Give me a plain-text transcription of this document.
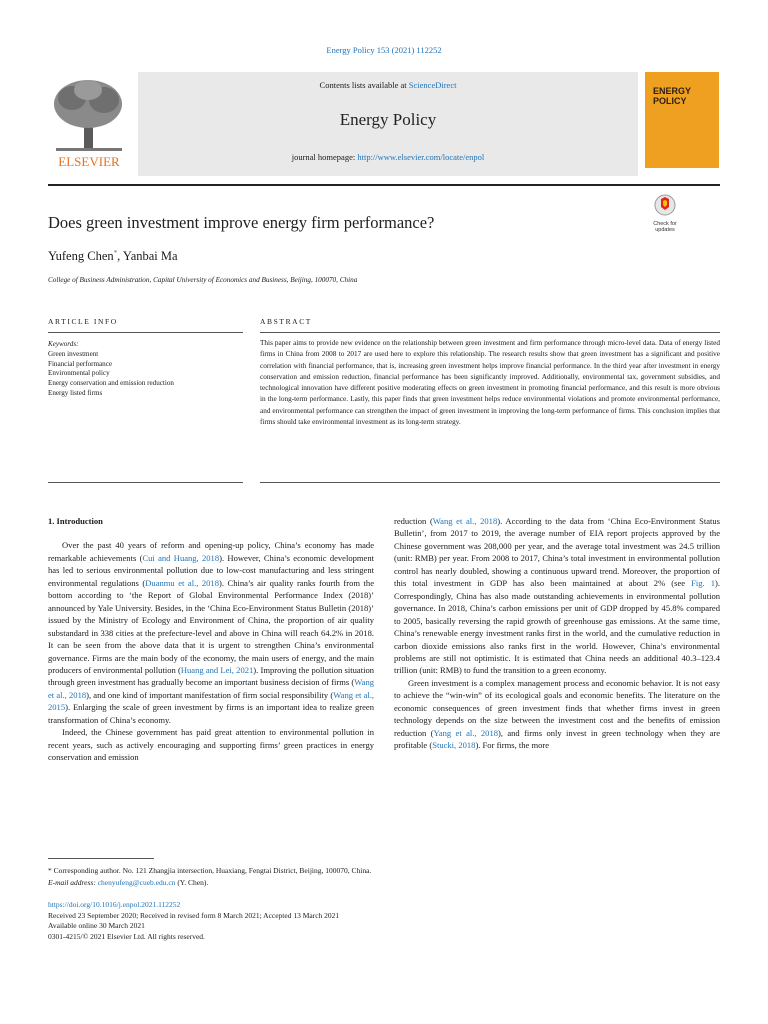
Energy Policy 153 (2021) 112252
ELSEVIER
Contents lists available at ScienceDirect
Energy Policy
journal homepage: http://www.elsevier.com/locate/enpol
ENERGY
POLICY
Does green investment improve energy firm performance?	Check for
updates
Yufeng Chen*, Yanbai Ma
College of Business Administration, Capital University of Economics and Business, Beijing, 100070, China
ARTICLE INFO	ABSTRACT
Keywords:
Green investment
Financial performance
Environmental policy
Energy conservation and emission reduction
Energy listed firms
This paper aims to provide new evidence on the relationship between green investment and firm performance through micro-level data. Data of energy listed firms in China from 2008 to 2017 are used here to explore this relationship. The research results show that green investment has a significant and positive correlation with financial performance, that is, increasing green investment helps improve financial performance. In the third year after investment in energy conservation and emission reduction, financial performance has been significantly improved. Additionally, environmental tax, government subsidies, and technological innovation have different positive moderating effects on green investment in promoting financial performance, and this result is more obvious in the long-term performance. Lastly, this paper finds that green investment helps reduce environmental violations and promote environmental performance, and environmental performance can strengthen the impact of green investment in improving the long-term performance of firms. This conclusion implies that firms should take environmental investment as its long-term strategy.
1. Introduction

Over the past 40 years of reform and opening-up policy, China’s economy has made remarkable achievements (Cui and Huang, 2018). However, China’s economic development has led to serious environmental pollution due to low-cost manufacturing and less stringent environmental regulations (Duanmu et al., 2018). China’s air quality ranks fourth from the bottom according to ‘the Report of Global Environmental Performance Index (2018)’ announced by Yale University. Besides, in the ‘China Eco-Environment Status Bulletin (2018)’ issued by the Ministry of Ecology and Environment of China, the proportion of air quality substandard in 338 cities at the prefecture-level and above in China will reach 64.2% in 2018. It can be seen from the above data that it is urgent to strengthen China’s environmental governance. Firms are the main body of the economy, the main users of energy, and the main producers of environmental pollution (Huang and Lei, 2021). Improving the pollution situation through green investment has gradually become an important business decision of firms (Wang et al., 2018), and one kind of important manifestation of firm social responsibility (Wang et al., 2015). Enlarging the scale of green investment by firms is an important idea to realize green transformation of China’s economy.

Indeed, the Chinese government has paid great attention to environmental pollution in recent years, such as actively encouraging and supporting firms’ green practices in energy conservation and emission

reduction (Wang et al., 2018). According to the data from ‘China Eco-Environment Status Bulletin’, from 2017 to 2019, the average number of EIA report projects approved by the Chinese government was 208,000 per year, and the average total investment was 24.5 trillion (unit: RMB) per year. From 2008 to 2017, China’s total investment in environmental pollution control has nearly doubled, showing a continuous upward trend. Moreover, the proportion of this total investment in GDP has also been maintained at about 2% (see Fig. 1). Correspondingly, China has also made outstanding achievements in environmental pollution governance. In 2018, China’s carbon emissions per unit of GDP dropped by 45.8% compared to 2005, basically reversing the rapid growth of greenhouse gas emissions. At the same time, China’s renewable energy investment ranks first in the world, and the cumulative reduction in carbon dioxide emissions also ranks first in the world. However, China’s environmental problems are still not optimistic. It is estimated that China needs an additional 40.3–123.4 trillion (unit: RMB) to fund the transition to a green economy.

Green investment is a complex management process and economic behavior. It is not easy to achieve the “win-win” of its ecological goals and economic benefits. The literature on the economic consequences of green investment finds that whether firms invest in green technology depends on the size between the investment cost and the benefits of emission reduction (Yang et al., 2018), and firms only invest in green technology when they are profitable (Stucki, 2018). For firms, the more

* Corresponding author. No. 121 Zhangjia intersection, Huaxiang, Fengtai District, Beijing, 100070, China.
E-mail address: chenyufeng@cueb.edu.cn (Y. Chen).
https://doi.org/10.1016/j.enpol.2021.112252
Received 23 September 2020; Received in revised form 8 March 2021; Accepted 13 March 2021
Available online 30 March 2021
0301-4215/© 2021 Elsevier Ltd. All rights reserved.
